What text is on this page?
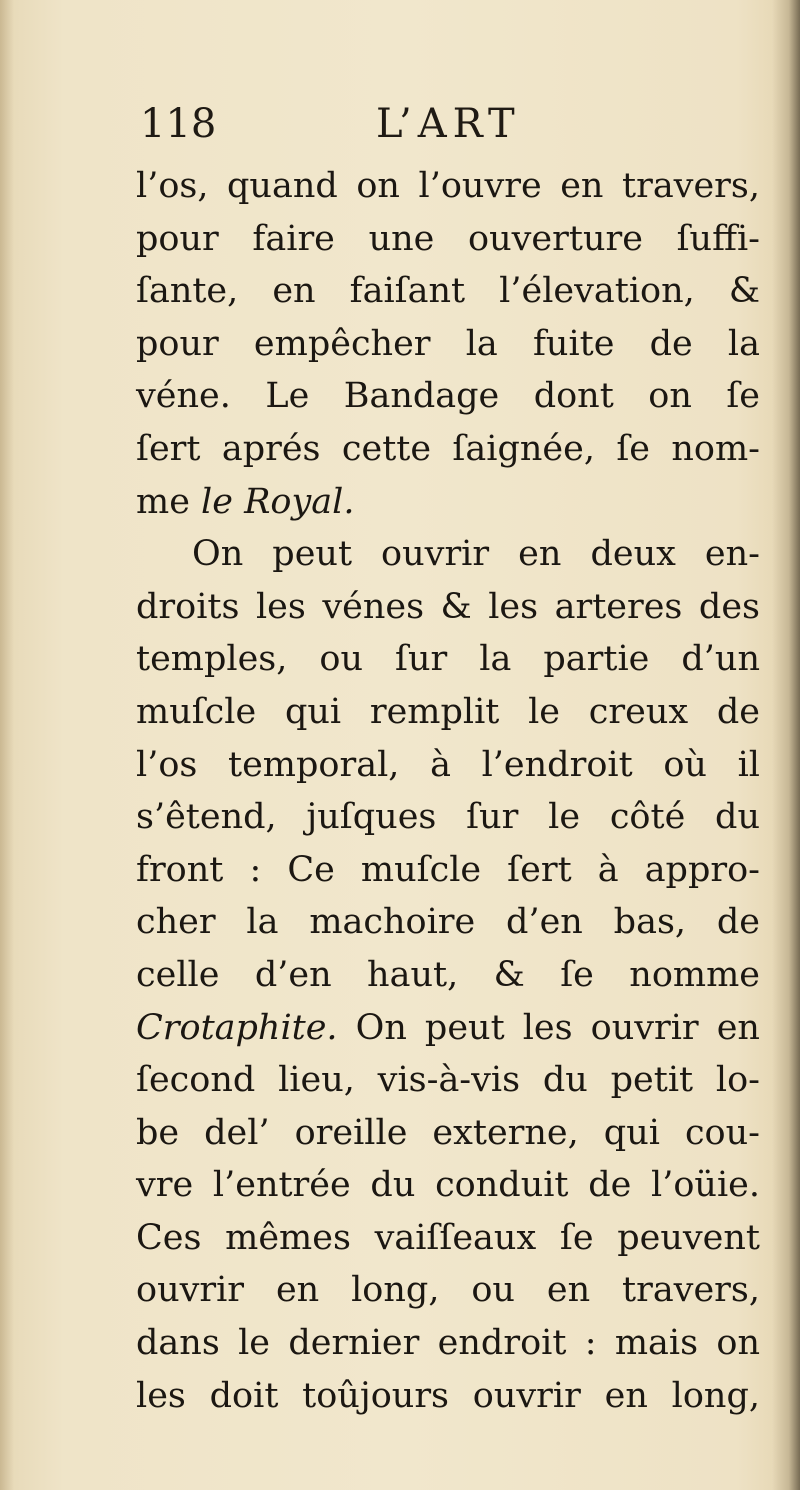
118	L’ART
l’os, quand on l’ouvre en travers,
pour faire une ouverture ſuffi-
ſante, en faiſant l’élevation, &
pour empêcher la fuite de la
véne. Le Bandage dont on ſe
ſert aprés cette ſaignée, ſe nom-
me le Royal.
On peut ouvrir en deux en-
droits les vénes & les arteres des
temples, ou ſur la partie d’un
muſcle qui remplit le creux de
l’os temporal, à l’endroit où il
s’êtend, juſques ſur le côté du
front : Ce muſcle ſert à appro-
cher la machoire d’en bas, de
celle d’en haut, & ſe nomme
Crotaphite. On peut les ouvrir en
ſecond lieu, vis-à-vis du petit lo-
be del’ oreille externe, qui cou-
vre l’entrée du conduit de l’oüie.
Ces mêmes vaiſſeaux ſe peuvent
ouvrir en long, ou en travers,
dans le dernier endroit : mais on
les doit toûjours ouvrir en long,
